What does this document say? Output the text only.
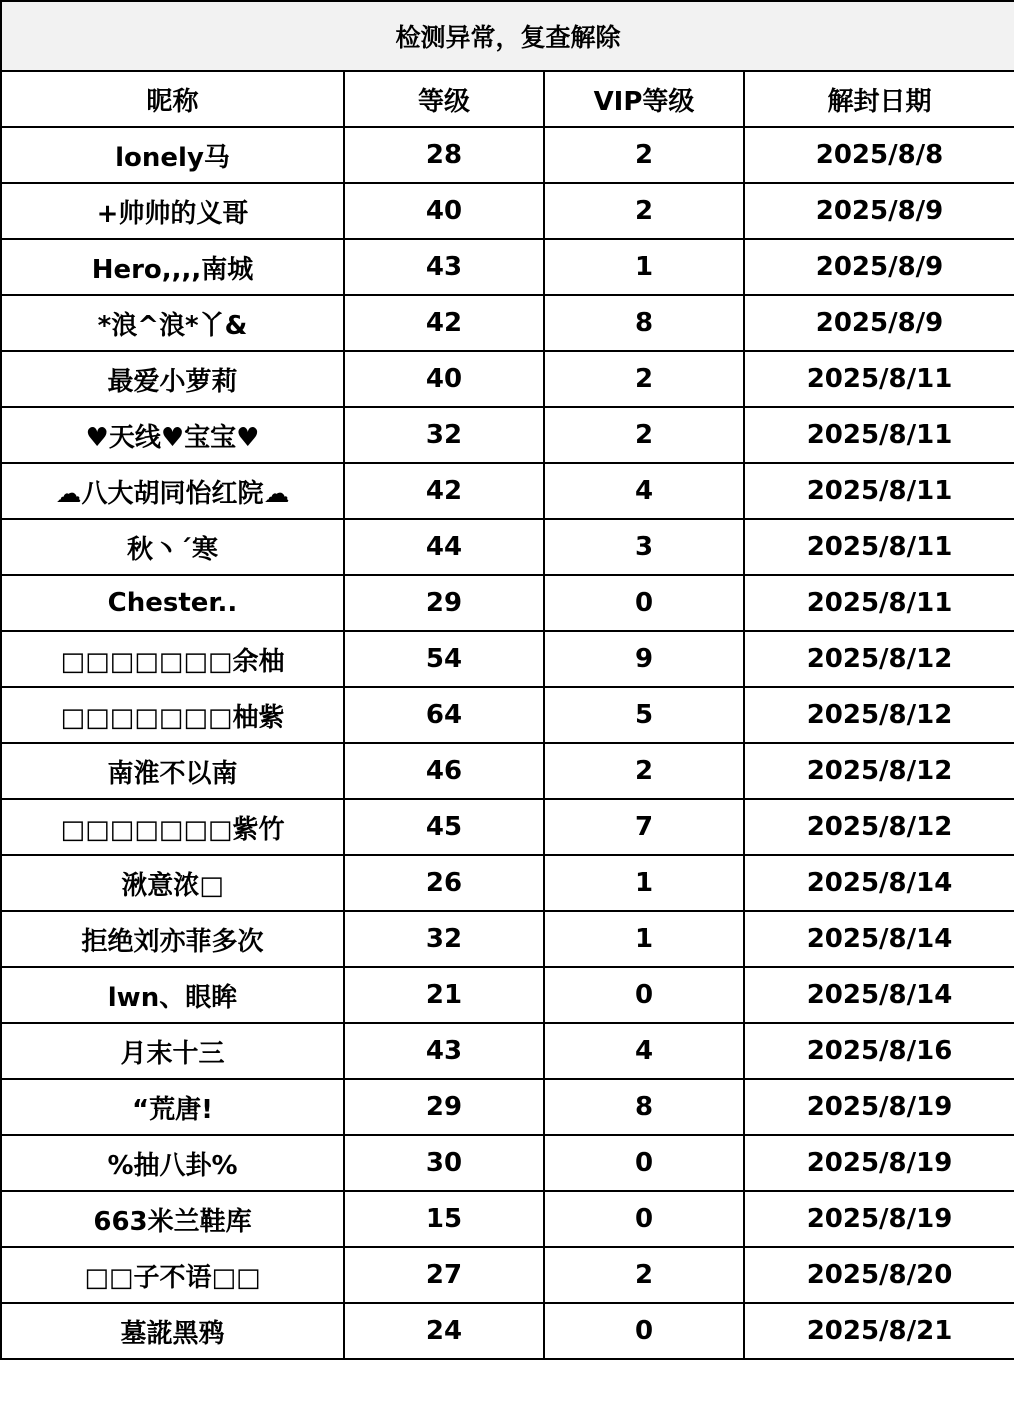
检测异常，复查解除			
昵称	等级	VIP等级	解封日期
lonely马	28	2	2025/8/8
+帅帅的义哥	40	2	2025/8/9
Hero,,,,南城	43	1	2025/8/9
*浪^浪*丫&	42	8	2025/8/9
最爱小萝莉	40	2	2025/8/11
♥天线♥宝宝♥	32	2	2025/8/11
☁八大胡同怡红院☁	42	4	2025/8/11
秋丶ˊ寒	44	3	2025/8/11
Chester..	29	0	2025/8/11
□□□□□□□余柚	54	9	2025/8/12
□□□□□□□柚紫	64	5	2025/8/12
南淮不以南	46	2	2025/8/12
□□□□□□□紫竹	45	7	2025/8/12
湫意浓□	26	1	2025/8/14
拒绝刘亦菲多次	32	1	2025/8/14
lwn、眼眸	21	0	2025/8/14
月末十三	43	4	2025/8/16
“荒唐!	29	8	2025/8/19
%抽八卦%	30	0	2025/8/19
663米兰鞋库	15	0	2025/8/19
□□子不语□□	27	2	2025/8/20
墓誮黑鸦	24	0	2025/8/21
